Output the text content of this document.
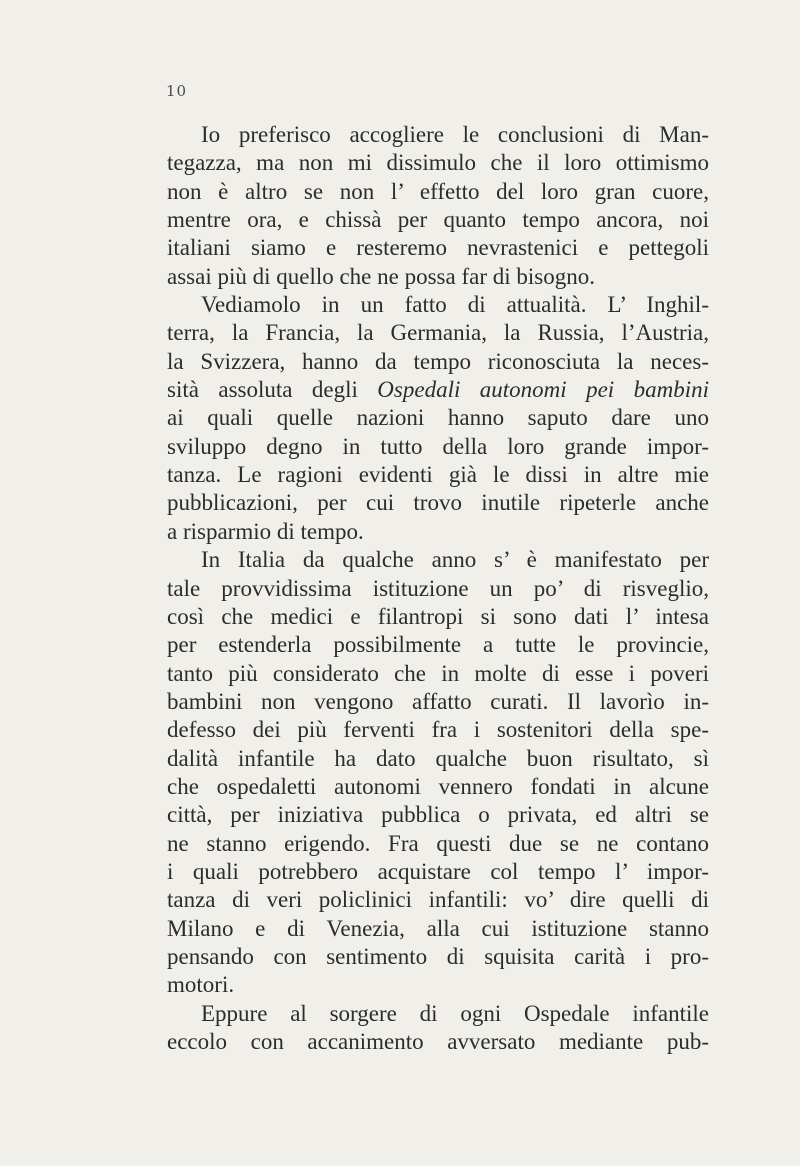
10
Io preferisco accogliere le conclusioni di Man-
tegazza, ma non mi dissimulo che il loro ottimismo
non è altro se non l’ effetto del loro gran cuore,
mentre ora, e chissà per quanto tempo ancora, noi
italiani siamo e resteremo nevrastenici e pettegoli
assai più di quello che ne possa far di bisogno.
Vediamolo in un fatto di attualità. L’ Inghil-
terra, la Francia, la Germania, la Russia, l’Austria,
la Svizzera, hanno da tempo riconosciuta la neces-
sità assoluta degli Ospedali autonomi pei bambini
ai quali quelle nazioni hanno saputo dare uno
sviluppo degno in tutto della loro grande impor-
tanza. Le ragioni evidenti già le dissi in altre mie
pubblicazioni, per cui trovo inutile ripeterle anche
a risparmio di tempo.
In Italia da qualche anno s’ è manifestato per
tale provvidissima istituzione un po’ di risveglio,
così che medici e filantropi si sono dati l’ intesa
per estenderla possibilmente a tutte le provincie,
tanto più considerato che in molte di esse i poveri
bambini non vengono affatto curati. Il lavorìo in-
defesso dei più ferventi fra i sostenitori della spe-
dalità infantile ha dato qualche buon risultato, sì
che ospedaletti autonomi vennero fondati in alcune
città, per iniziativa pubblica o privata, ed altri se
ne stanno erigendo. Fra questi due se ne contano
i quali potrebbero acquistare col tempo l’ impor-
tanza di veri policlinici infantili: vo’ dire quelli di
Milano e di Venezia, alla cui istituzione stanno
pensando con sentimento di squisita carità i pro-
motori.
Eppure al sorgere di ogni Ospedale infantile
eccolo con accanimento avversato mediante pub-
